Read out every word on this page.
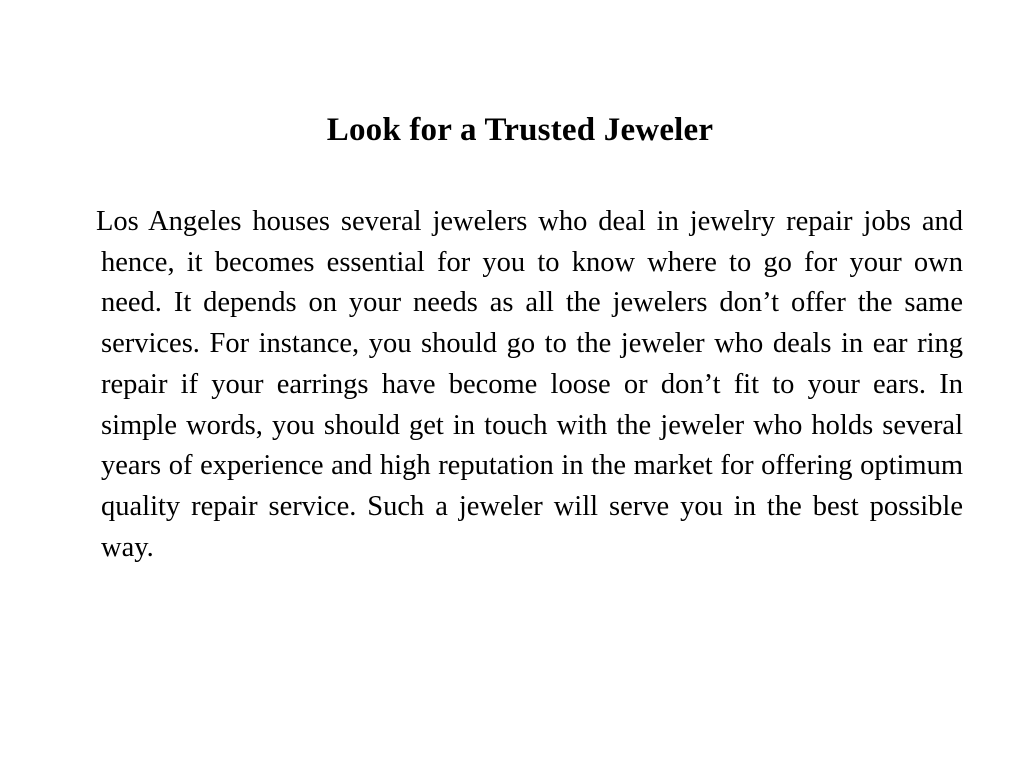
Look for a Trusted Jeweler

Los Angeles houses several jewelers who deal in jewelry repair jobs and hence, it becomes essential for you to know where to go for your own need. It depends on your needs as all the jewelers don’t offer the same services. For instance, you should go to the jeweler who deals in ear ring repair if your earrings have become loose or don’t fit to your ears. In simple words, you should get in touch with the jeweler who holds several years of experience and high reputation in the market for offering optimum quality repair service. Such a jeweler will serve you in the best possible way.
